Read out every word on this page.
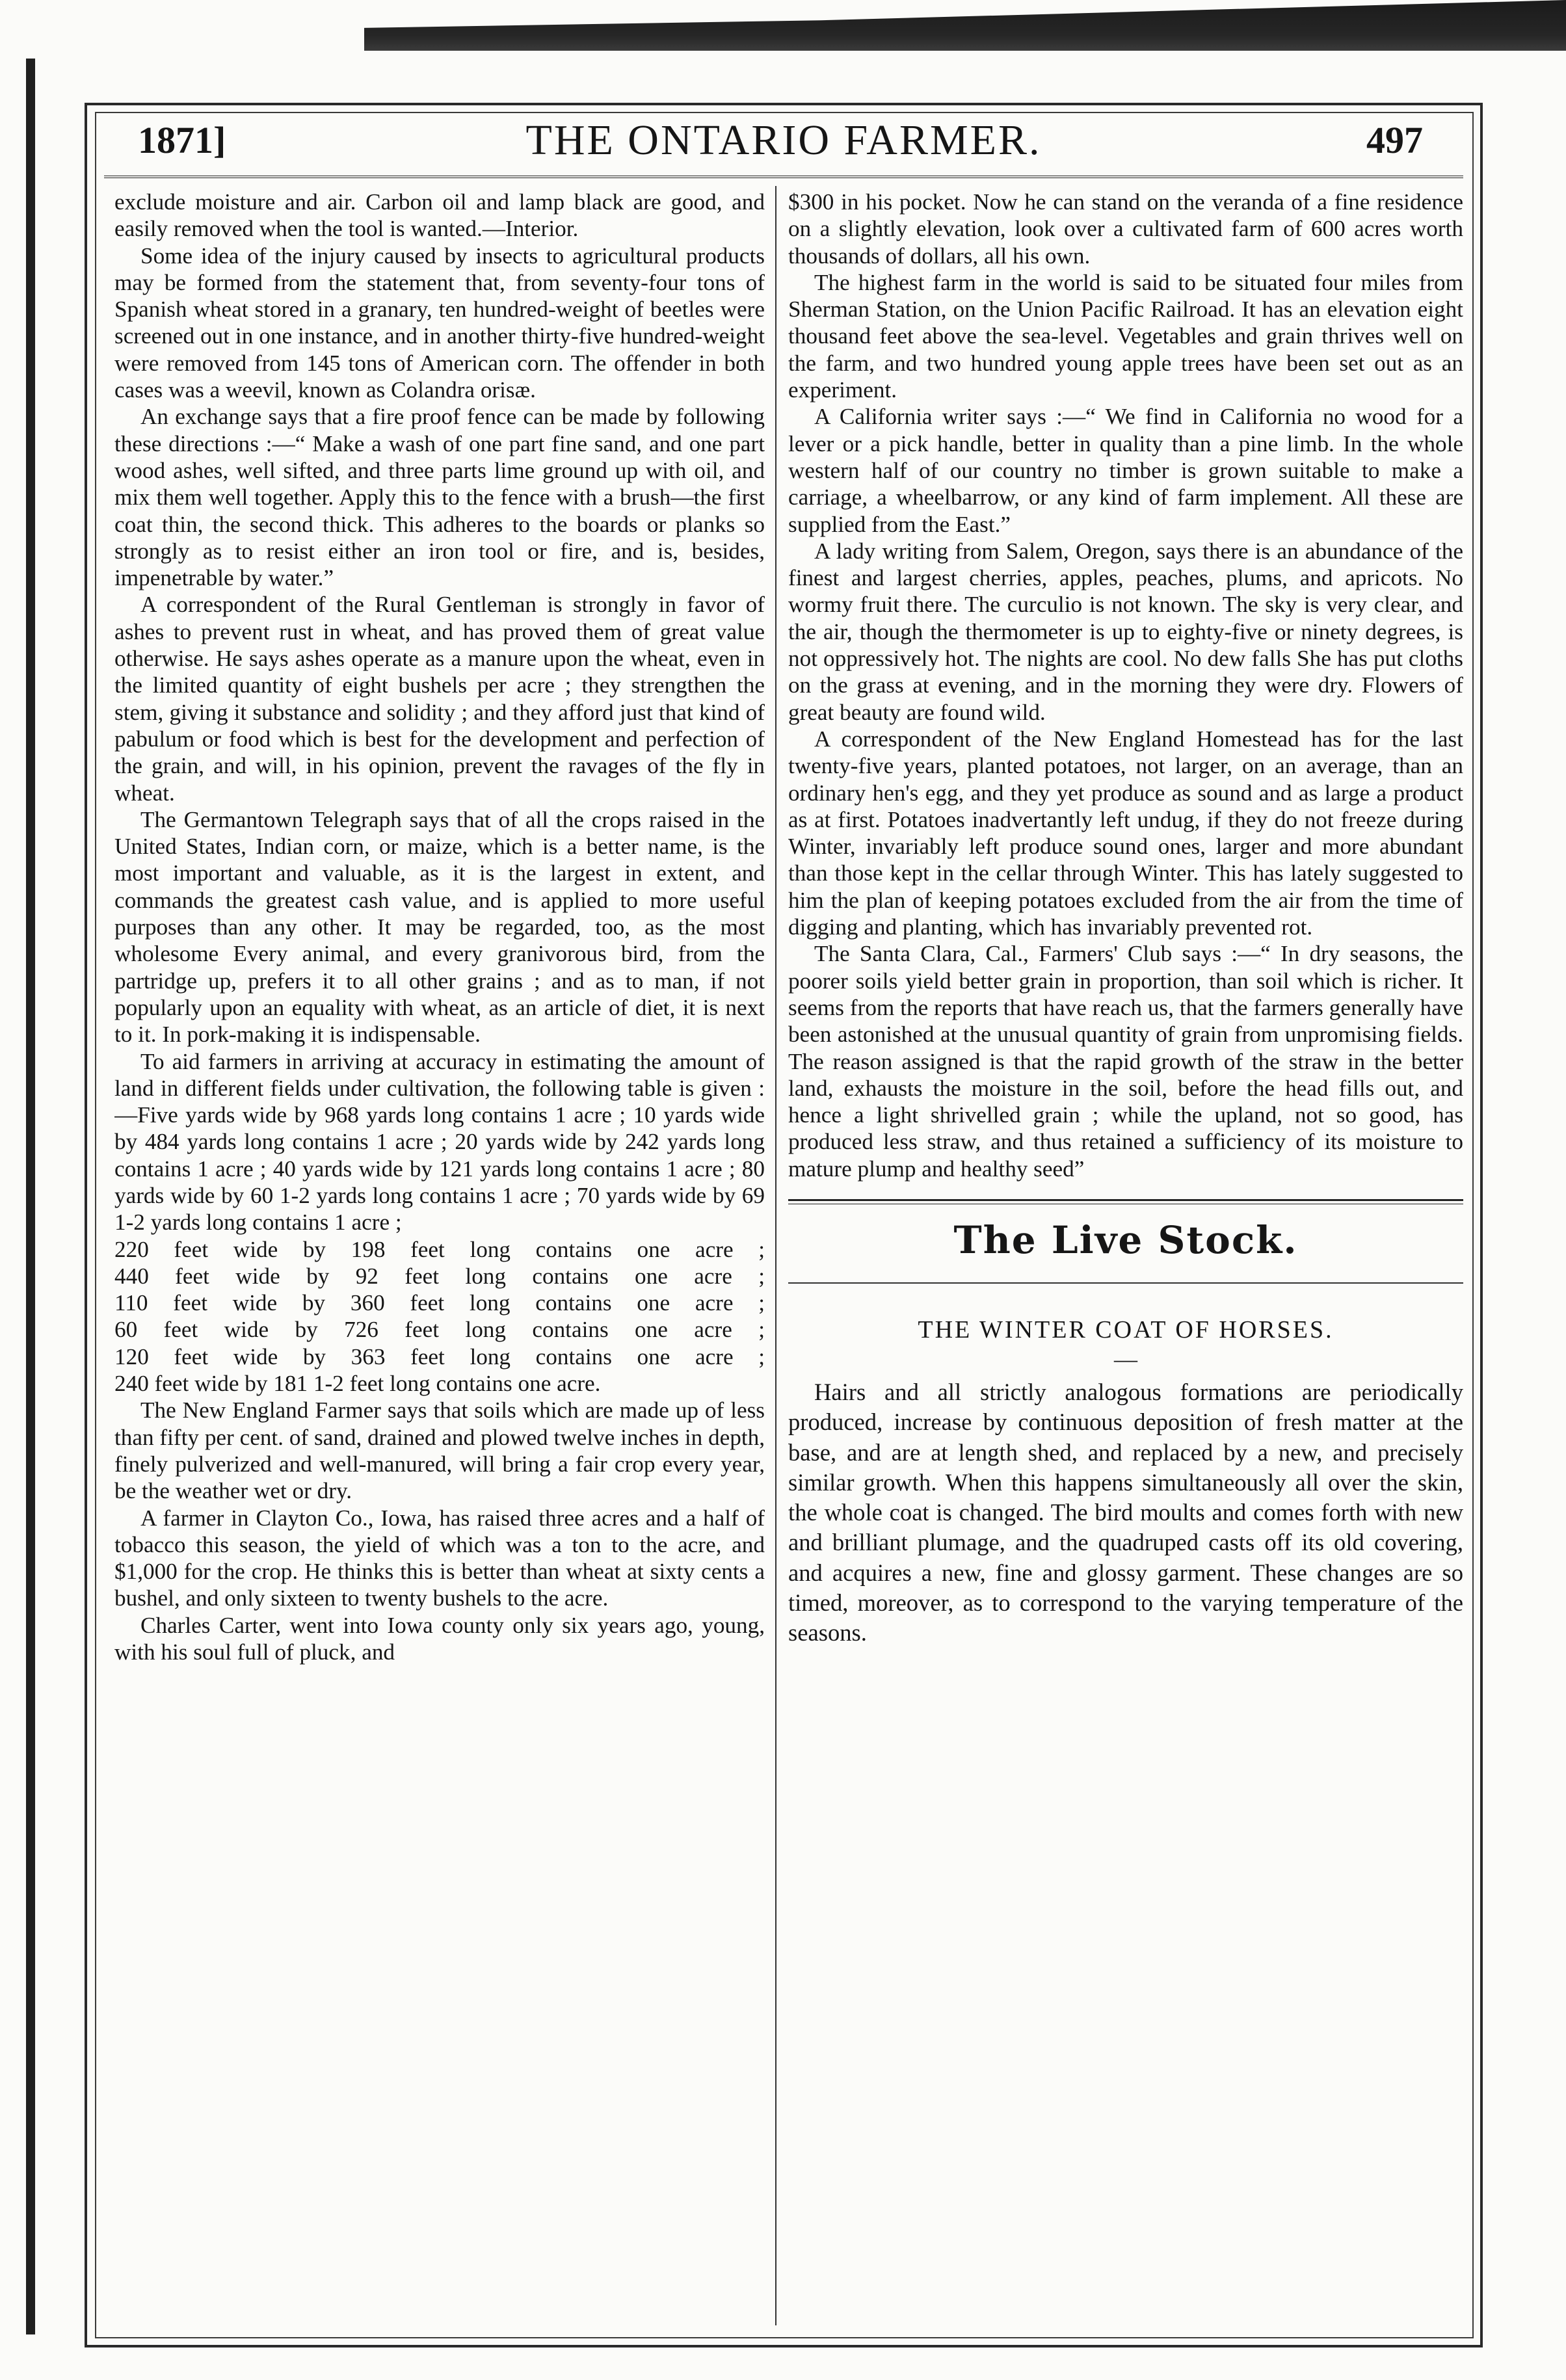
1871]	THE ONTARIO FARMER.	497

exclude moisture and air. Carbon oil and lamp black are good, and easily removed when the tool is wanted.—Interior.

Some idea of the injury caused by insects to agricultural products may be formed from the statement that, from seventy-four tons of Spanish wheat stored in a granary, ten hundred-weight of beetles were screened out in one instance, and in another thirty-five hundred-weight were removed from 145 tons of American corn. The offender in both cases was a weevil, known as Colandra orisæ.

An exchange says that a fire proof fence can be made by following these directions :—“ Make a wash of one part fine sand, and one part wood ashes, well sifted, and three parts lime ground up with oil, and mix them well together. Apply this to the fence with a brush—the first coat thin, the second thick. This adheres to the boards or planks so strongly as to resist either an iron tool or fire, and is, besides, impenetrable by water.”

A correspondent of the Rural Gentleman is strongly in favor of ashes to prevent rust in wheat, and has proved them of great value otherwise. He says ashes operate as a manure upon the wheat, even in the limited quantity of eight bushels per acre ; they strengthen the stem, giving it substance and solidity ; and they afford just that kind of pabulum or food which is best for the development and perfection of the grain, and will, in his opinion, prevent the ravages of the fly in wheat.

The Germantown Telegraph says that of all the crops raised in the United States, Indian corn, or maize, which is a better name, is the most important and valuable, as it is the largest in extent, and commands the greatest cash value, and is applied to more useful purposes than any other. It may be regarded, too, as the most wholesome Every animal, and every granivorous bird, from the partridge up, prefers it to all other grains ; and as to man, if not popularly upon an equality with wheat, as an article of diet, it is next to it. In pork-making it is indispensable.

To aid farmers in arriving at accuracy in estimating the amount of land in different fields under cultivation, the following table is given :—Five yards wide by 968 yards long contains 1 acre ; 10 yards wide by 484 yards long contains 1 acre ; 20 yards wide by 242 yards long contains 1 acre ; 40 yards wide by 121 yards long contains 1 acre ; 80 yards wide by 60 1-2 yards long contains 1 acre ; 70 yards wide by 69 1-2 yards long contains 1 acre ;

220 feet wide by 198 feet long contains one acre ;
440 feet wide by 92 feet long contains one acre ;
110 feet wide by 360 feet long contains one acre ;
60 feet wide by 726 feet long contains one acre ;
120 feet wide by 363 feet long contains one acre ;
240 feet wide by 181 1-2 feet long contains one acre.

The New England Farmer says that soils which are made up of less than fifty per cent. of sand, drained and plowed twelve inches in depth, finely pulverized and well-manured, will bring a fair crop every year, be the weather wet or dry.

A farmer in Clayton Co., Iowa, has raised three acres and a half of tobacco this season, the yield of which was a ton to the acre, and $1,000 for the crop. He thinks this is better than wheat at sixty cents a bushel, and only sixteen to twenty bushels to the acre.

Charles Carter, went into Iowa county only six years ago, young, with his soul full of pluck, and

$300 in his pocket. Now he can stand on the veranda of a fine residence on a slightly elevation, look over a cultivated farm of 600 acres worth thousands of dollars, all his own.

The highest farm in the world is said to be situated four miles from Sherman Station, on the Union Pacific Railroad. It has an elevation eight thousand feet above the sea-level. Vegetables and grain thrives well on the farm, and two hundred young apple trees have been set out as an experiment.

A California writer says :—“ We find in California no wood for a lever or a pick handle, better in quality than a pine limb. In the whole western half of our country no timber is grown suitable to make a carriage, a wheelbarrow, or any kind of farm implement. All these are supplied from the East.”

A lady writing from Salem, Oregon, says there is an abundance of the finest and largest cherries, apples, peaches, plums, and apricots. No wormy fruit there. The curculio is not known. The sky is very clear, and the air, though the thermometer is up to eighty-five or ninety degrees, is not oppressively hot. The nights are cool. No dew falls She has put cloths on the grass at evening, and in the morning they were dry. Flowers of great beauty are found wild.

A correspondent of the New England Homestead has for the last twenty-five years, planted potatoes, not larger, on an average, than an ordinary hen's egg, and they yet produce as sound and as large a product as at first. Potatoes inadvertantly left undug, if they do not freeze during Winter, invariably left produce sound ones, larger and more abundant than those kept in the cellar through Winter. This has lately suggested to him the plan of keeping potatoes excluded from the air from the time of digging and planting, which has invariably prevented rot.

The Santa Clara, Cal., Farmers' Club says :—“ In dry seasons, the poorer soils yield better grain in proportion, than soil which is richer. It seems from the reports that have reach us, that the farmers generally have been astonished at the unusual quantity of grain from unpromising fields. The reason assigned is that the rapid growth of the straw in the better land, exhausts the moisture in the soil, before the head fills out, and hence a light shrivelled grain ; while the upland, not so good, has produced less straw, and thus retained a sufficiency of its moisture to mature plump and healthy seed”

The Live Stock.
THE WINTER COAT OF HORSES.
—

Hairs and all strictly analogous formations are periodically produced, increase by continuous deposition of fresh matter at the base, and are at length shed, and replaced by a new, and precisely similar growth. When this happens simultaneously all over the skin, the whole coat is changed. The bird moults and comes forth with new and brilliant plumage, and the quadruped casts off its old covering, and acquires a new, fine and glossy garment. These changes are so timed, moreover, as to correspond to the varying temperature of the seasons.
